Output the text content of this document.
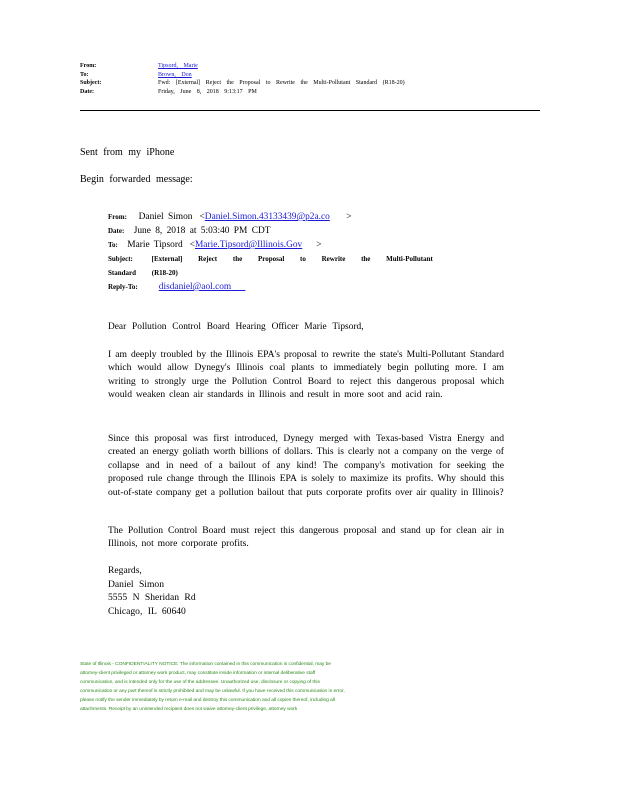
From:	Tipsord, Marie
To:	Brown, Don
Subject:	Fwd: [External] Reject the Proposal to Rewrite the Multi-Pollutant Standard (R18-20)
Date:	Friday, June 8, 2018 9:13:17 PM
Sent from my iPhone
Begin forwarded message:
From: Daniel Simon   <Daniel.Simon.43133439@p2a.co       >
Date: June 8, 2018 at 5:03:40 PM CDT
To: Marie Tipsord   <Marie.Tipsord@Illinois.Gov      >
Subject:	[External] Reject the Proposal to Rewrite the Multi-Pollutant
Standard (R18-20)
Reply-To: disdaniel@aol.com
Dear Pollution Control Board Hearing Officer Marie Tipsord,

I am deeply troubled by the Illinois EPA's proposal to rewrite the state's Multi-Pollutant Standard which would allow Dynegy's Illinois coal plants to immediately begin polluting more. I am writing to strongly urge the Pollution Control Board to reject this dangerous proposal which would weaken clean air standards in Illinois and result in more soot and acid rain.

Since this proposal was first introduced, Dynegy merged with Texas-based Vistra Energy and created an energy goliath worth billions of dollars. This is clearly not a company on the verge of collapse and in need of a bailout of any kind! The company's motivation for seeking the proposed rule change through the Illinois EPA is solely to maximize its profits. Why should this out-of-state company get a pollution bailout that puts corporate profits over air quality in Illinois?

The Pollution Control Board must reject this dangerous proposal and stand up for clean air in Illinois, not more corporate profits.

Regards,
Daniel Simon
5555 N Sheridan Rd
Chicago, IL 60640

State of Illinois - CONFIDENTIALITY NOTICE: The information contained in this communication is confidential, may be attorney-client privileged or attorney work product, may constitute inside information or internal deliberative staff communication, and is intended only for the use of the addressee. Unauthorized use, disclosure or copying of this communication or any part thereof is strictly prohibited and may be unlawful. If you have received this communication in error, please notify the sender immediately by return e-mail and destroy this communication and all copies thereof, including all attachments. Receipt by an unintended recipient does not waive attorney-client privilege, attorney work
